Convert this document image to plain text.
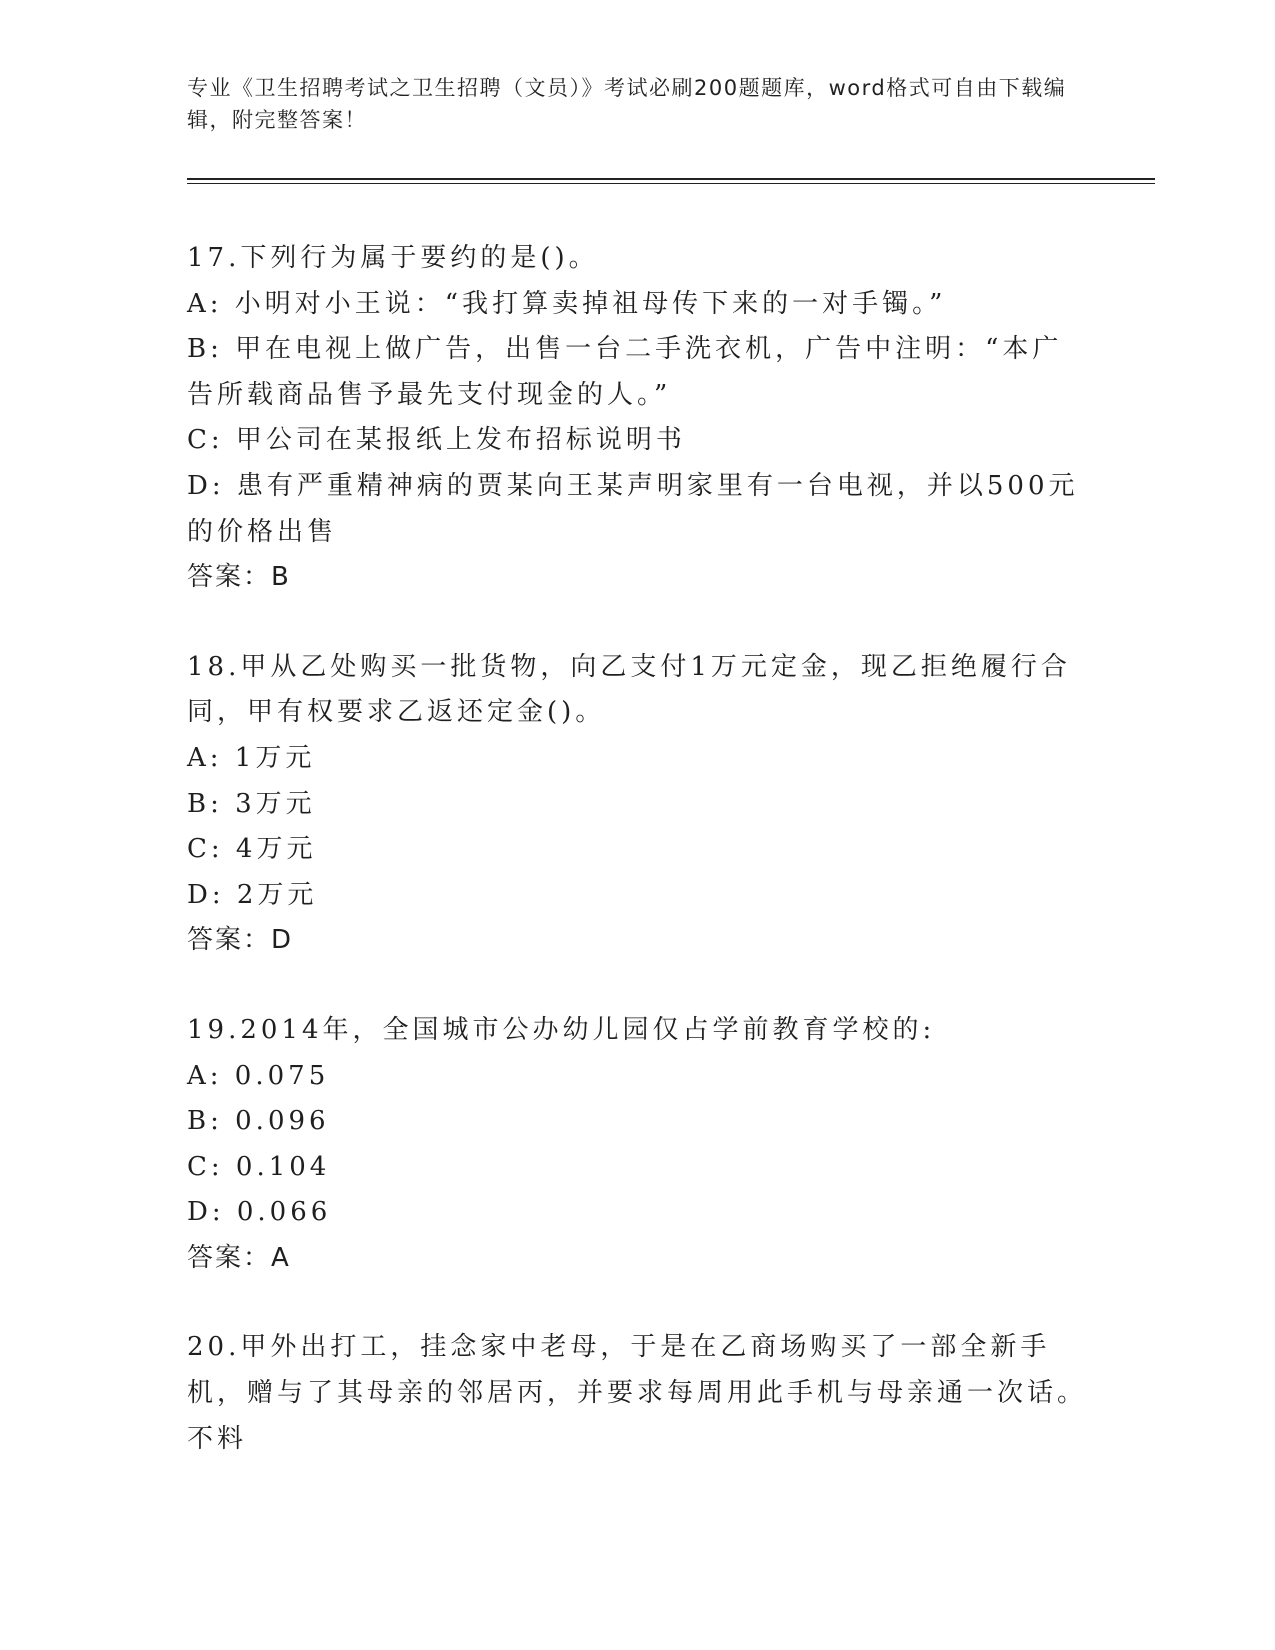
专业《卫生招聘考试之卫生招聘（文员）》考试必刷200题题库，word格式可自由下载编辑，附完整答案！

17.下列行为属于要约的是()。

A: 小明对小王说：“我打算卖掉祖母传下来的一对手镯。”

B: 甲在电视上做广告，出售一台二手洗衣机，广告中注明：“本广告所载商品售予最先支付现金的人。”

C: 甲公司在某报纸上发布招标说明书

D: 患有严重精神病的贾某向王某声明家里有一台电视，并以500元的价格出售

答案：B

18.甲从乙处购买一批货物，向乙支付1万元定金，现乙拒绝履行合同，甲有权要求乙返还定金()。

A: 1万元

B: 3万元

C: 4万元

D: 2万元

答案：D

19.2014年，全国城市公办幼儿园仅占学前教育学校的:

A: 0.075

B: 0.096

C: 0.104

D: 0.066

答案：A

20.甲外出打工，挂念家中老母，于是在乙商场购买了一部全新手机，赠与了其母亲的邻居丙，并要求每周用此手机与母亲通一次话。不料
